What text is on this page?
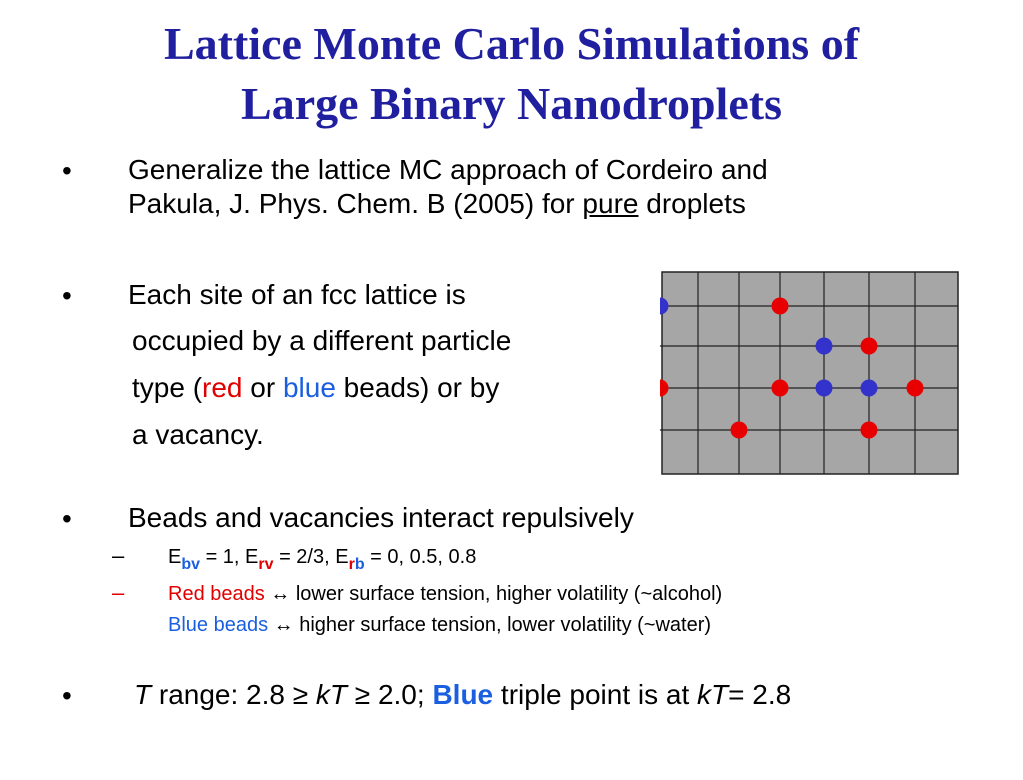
Lattice Monte Carlo Simulations of
Large Binary Nanodroplets
• Generalize the lattice MC approach of Cordeiro and
Pakula, J. Phys. Chem. B (2005) for pure droplets
• Each site of an fcc lattice is
occupied by a different particle
type (red or blue beads) or by
a vacancy.
• Beads and vacancies interact repulsively
– $E_{bv} = 1$, $E_{rv} = 2/3$, $E_{rb} = 0$, 0.5, 0.8
– Red beads ↔ lower surface tension, higher volatility (~alcohol)
Blue beads ↔ higher surface tension, lower volatility (~water)
• T range: 2.8 ≥ kT ≥ 2.0; Blue triple point is at kT= 2.8
